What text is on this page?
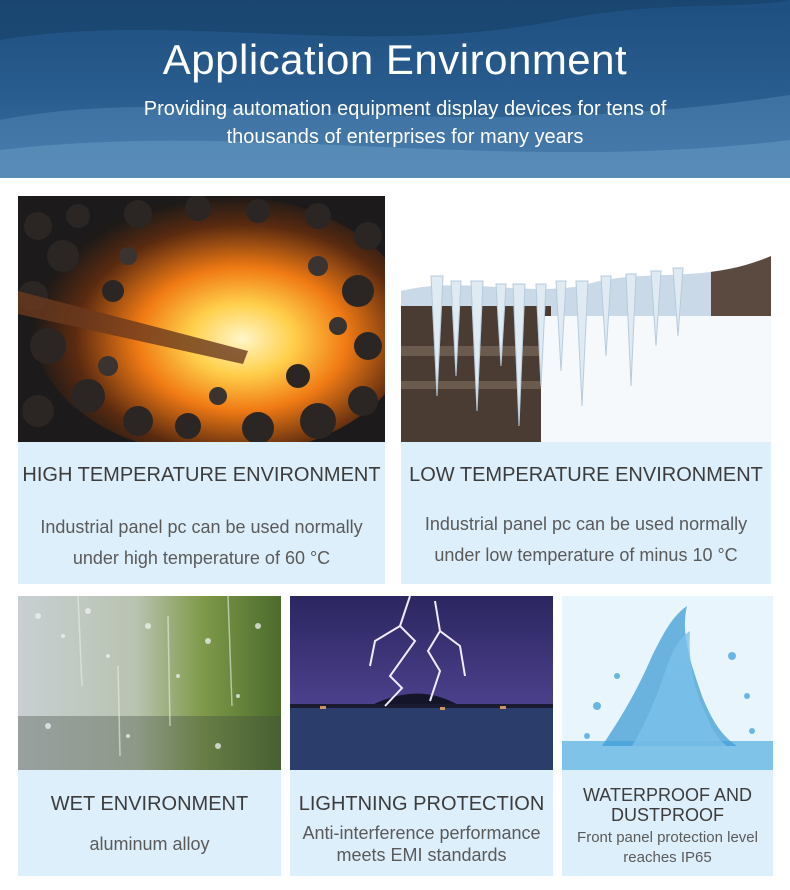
Application Environment
Providing automation equipment display devices for tens of thousands of enterprises for many years
HIGH TEMPERATURE ENVIRONMENT
Industrial panel pc can be used normally under high temperature of 60 °C
LOW TEMPERATURE ENVIRONMENT
Industrial panel pc can be used normally under low temperature of minus 10 °C
WET ENVIRONMENT
aluminum alloy
LIGHTNING PROTECTION
Anti-interference performance meets EMI standards
WATERPROOF AND DUSTPROOF
Front panel protection level reaches IP65
